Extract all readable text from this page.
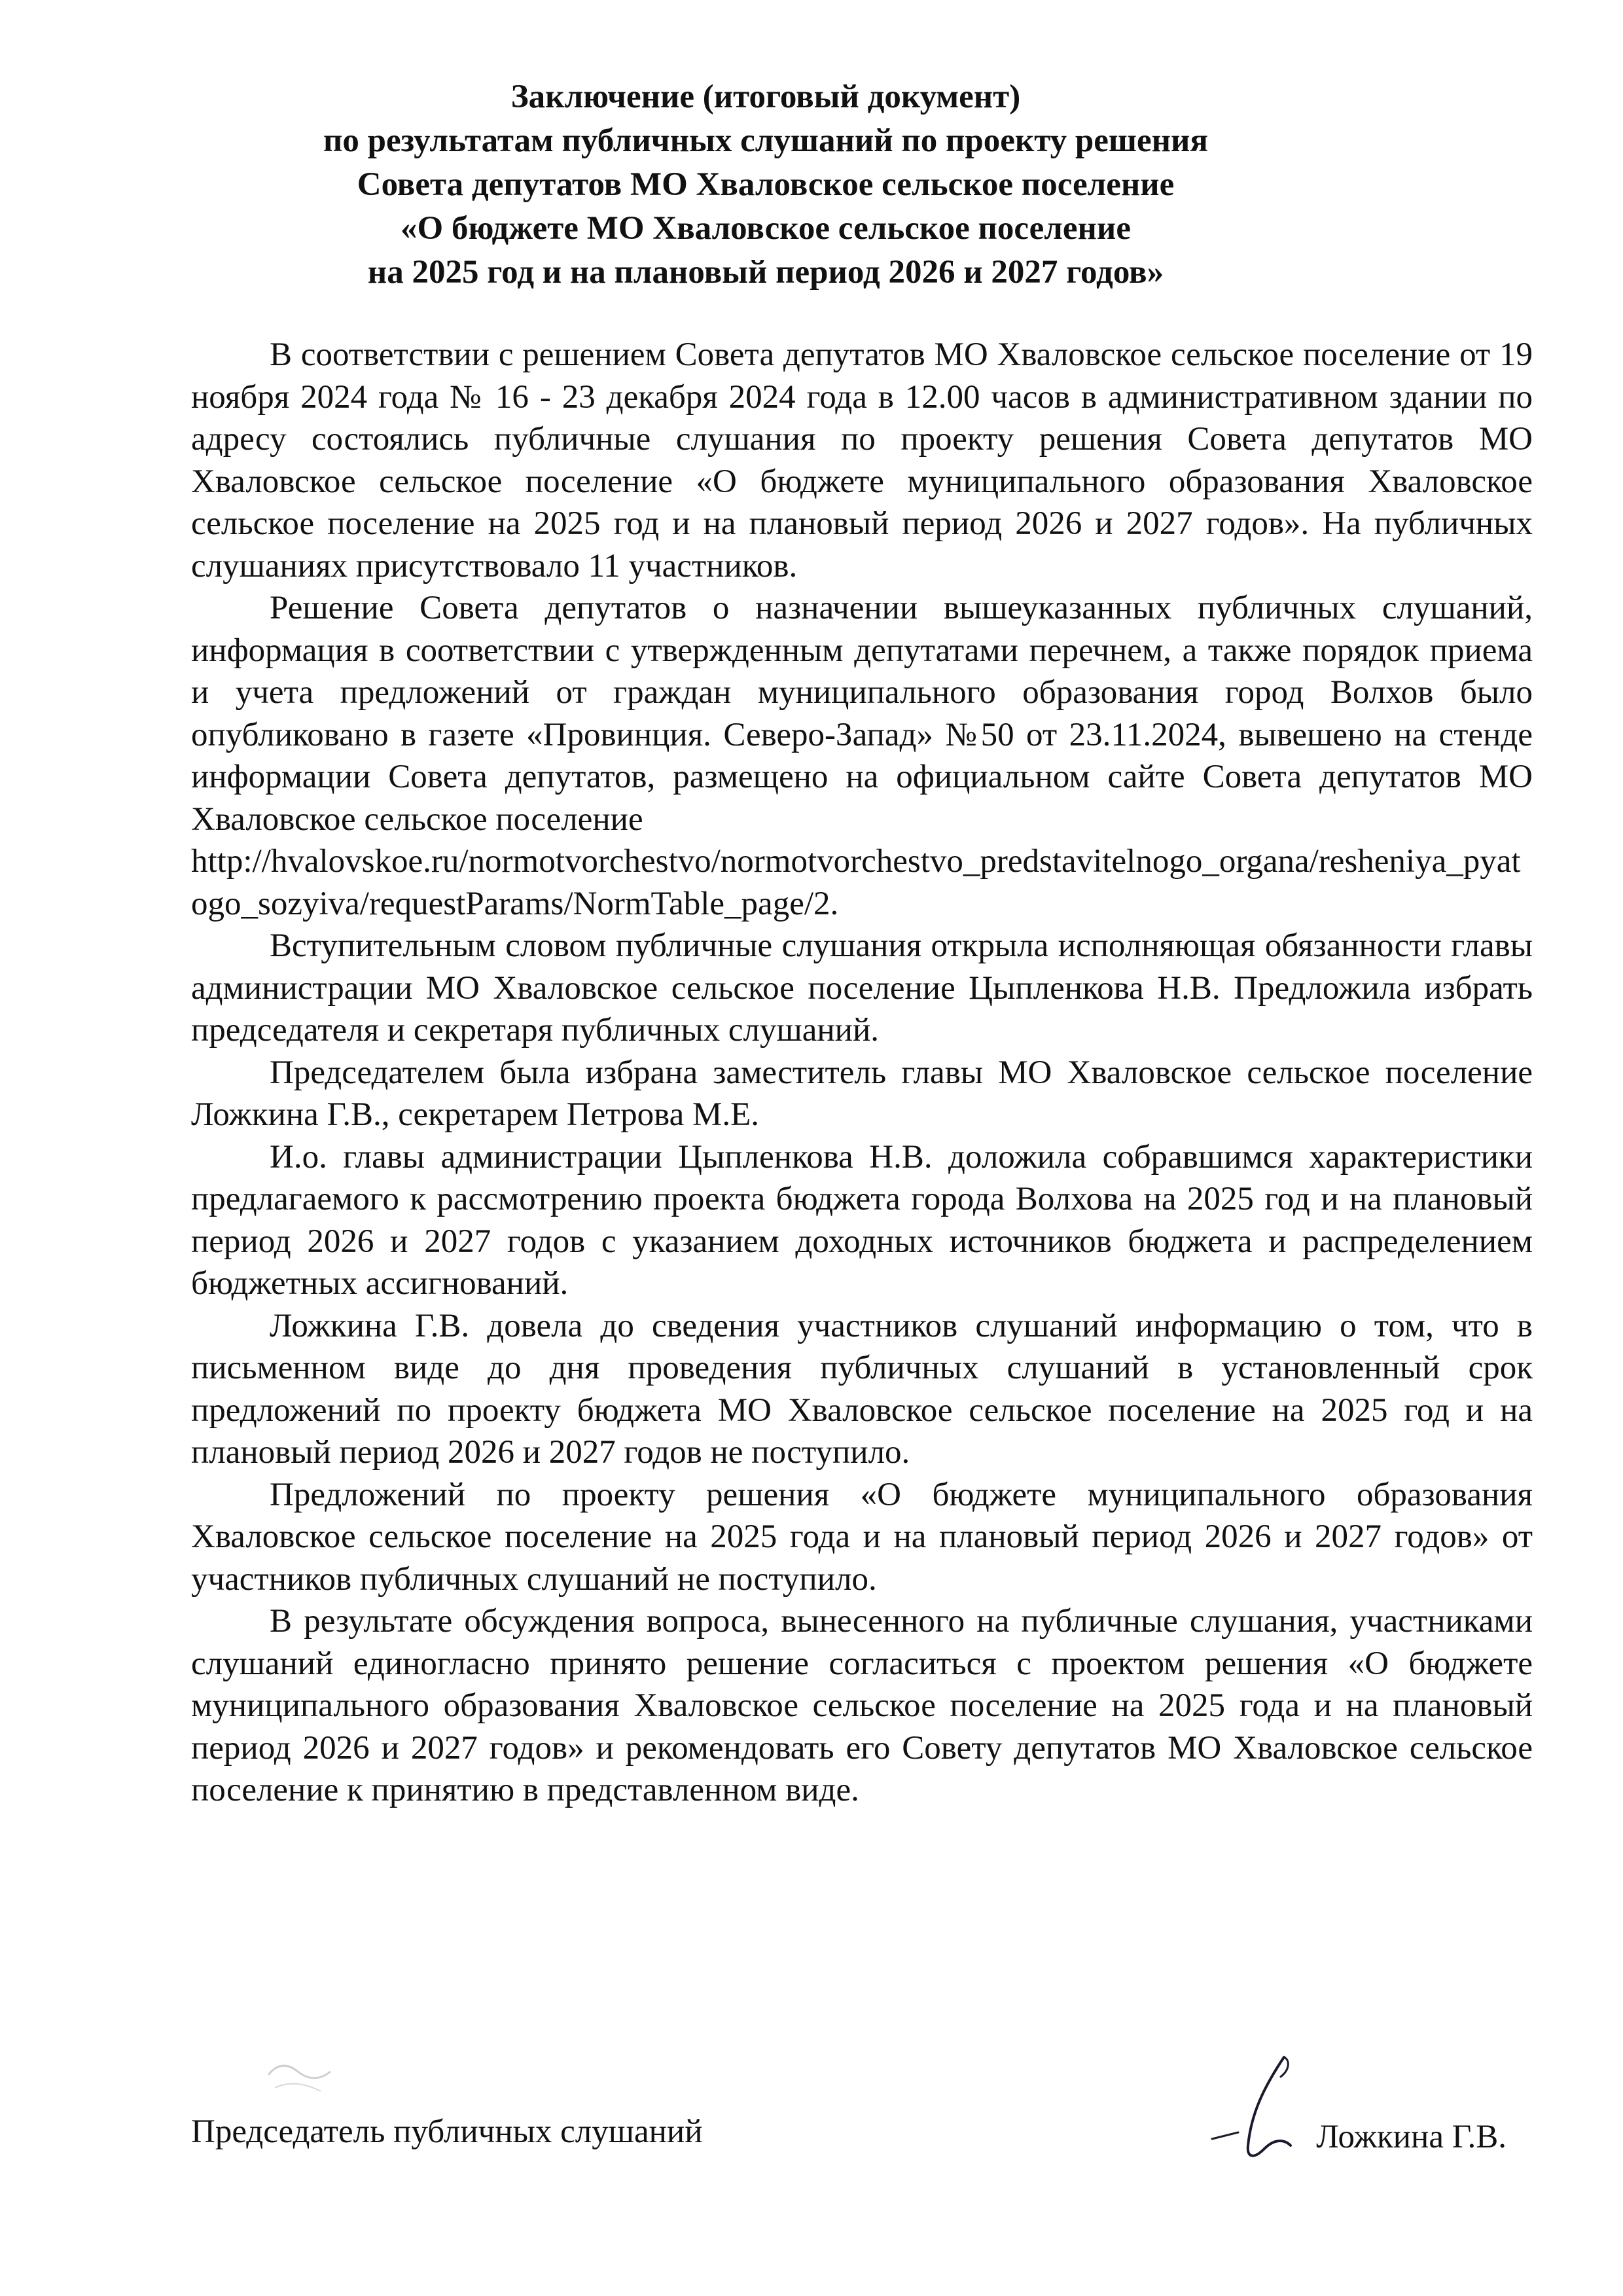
Заключение (итоговый документ)
по результатам публичных слушаний по проекту решения
Совета депутатов МО Хваловское сельское поселение
«О бюджете МО Хваловское сельское поселение
на 2025 год и на плановый период 2026 и 2027 годов»

В соответствии с решением Совета депутатов МО Хваловское сельское поселение от 19 ноября 2024 года № 16 - 23 декабря 2024 года в 12.00 часов в административном здании по адресу состоялись публичные слушания по проекту решения Совета депутатов МО Хваловское сельское поселение «О бюджете муниципального образования Хваловское сельское поселение на 2025 год и на плановый период 2026 и 2027 годов». На публичных слушаниях присутствовало 11 участников.

Решение Совета депутатов о назначении вышеуказанных публичных слушаний, информация в соответствии с утвержденным депутатами перечнем, а также порядок приема и учета предложений от граждан муниципального образования город Волхов было опубликовано в газете «Провинция. Северо-Запад» №50 от 23.11.2024, вывешено на стенде информации Совета депутатов, размещено на официальном сайте Совета депутатов МО Хваловское сельское поселение

http://hvalovskoe.ru/normotvorchestvo/normotvorchestvo_predstavitelnogo_organa/resheniya_pyatogo_sozyiva/requestParams/NormTable_page/2.

Вступительным словом публичные слушания открыла исполняющая обязанности главы администрации МО Хваловское сельское поселение Цыпленкова Н.В. Предложила избрать председателя и секретаря публичных слушаний.

Председателем была избрана заместитель главы МО Хваловское сельское поселение Ложкина Г.В., секретарем Петрова М.Е.

И.о. главы администрации Цыпленкова Н.В. доложила собравшимся характеристики предлагаемого к рассмотрению проекта бюджета города Волхова на 2025 год и на плановый период 2026 и 2027 годов с указанием доходных источников бюджета и распределением бюджетных ассигнований.

Ложкина Г.В. довела до сведения участников слушаний информацию о том, что в письменном виде до дня проведения публичных слушаний в установленный срок предложений по проекту бюджета МО Хваловское сельское поселение на 2025 год и на плановый период 2026 и 2027 годов не поступило.

Предложений по проекту решения «О бюджете муниципального образования Хваловское сельское поселение на 2025 года и на плановый период 2026 и 2027 годов» от участников публичных слушаний не поступило.

В результате обсуждения вопроса, вынесенного на публичные слушания, участниками слушаний единогласно принято решение согласиться с проектом решения «О бюджете муниципального образования Хваловское сельское поселение на 2025 года и на плановый период 2026 и 2027 годов» и рекомендовать его Совету депутатов МО Хваловское сельское поселение к принятию в представленном виде.

Председатель публичных слушаний	Ложкина Г.В.
